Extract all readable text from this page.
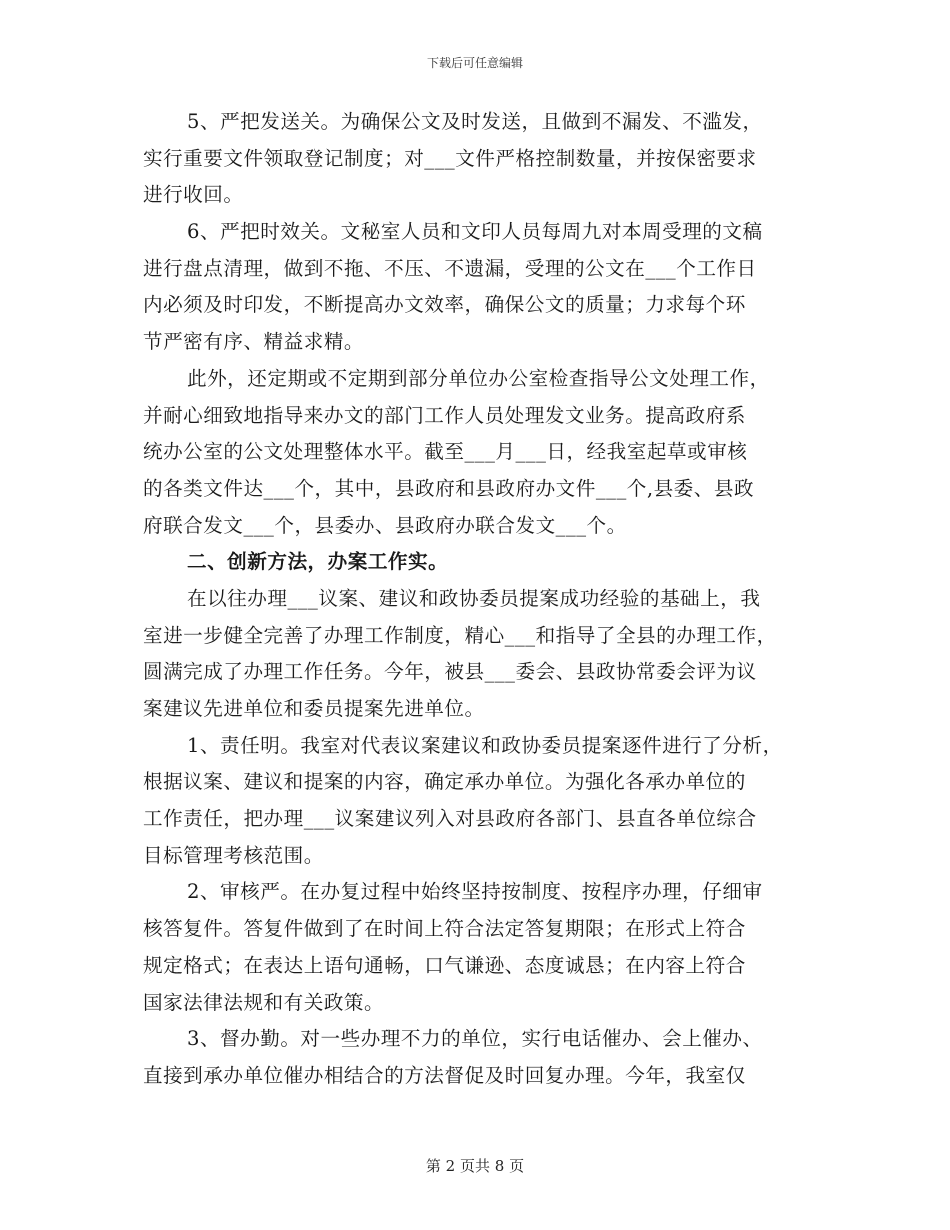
下载后可任意编辑
5、严把发送关。为确保公文及时发送，且做到不漏发、不滥发，
实行重要文件领取登记制度；对___文件严格控制数量，并按保密要求
进行收回。
6、严把时效关。文秘室人员和文印人员每周九对本周受理的文稿
进行盘点清理，做到不拖、不压、不遗漏，受理的公文在___个工作日
内必须及时印发，不断提高办文效率，确保公文的质量；力求每个环
节严密有序、精益求精。
此外，还定期或不定期到部分单位办公室检查指导公文处理工作，
并耐心细致地指导来办文的部门工作人员处理发文业务。提高政府系
统办公室的公文处理整体水平。截至___月___日，经我室起草或审核
的各类文件达___个，其中，县政府和县政府办文件___个,县委、县政
府联合发文___个，县委办、县政府办联合发文___个。
二、创新方法，办案工作实。
在以往办理___议案、建议和政协委员提案成功经验的基础上，我
室进一步健全完善了办理工作制度，精心___和指导了全县的办理工作，
圆满完成了办理工作任务。今年，被县___委会、县政协常委会评为议
案建议先进单位和委员提案先进单位。
1、责任明。我室对代表议案建议和政协委员提案逐件进行了分析，
根据议案、建议和提案的内容，确定承办单位。为强化各承办单位的
工作责任，把办理___议案建议列入对县政府各部门、县直各单位综合
目标管理考核范围。
2、审核严。在办复过程中始终坚持按制度、按程序办理，仔细审
核答复件。答复件做到了在时间上符合法定答复期限；在形式上符合
规定格式；在表达上语句通畅，口气谦逊、态度诚恳；在内容上符合
国家法律法规和有关政策。
3、督办勤。对一些办理不力的单位，实行电话催办、会上催办、
直接到承办单位催办相结合的方法督促及时回复办理。今年，我室仅
第 2 页共 8 页
